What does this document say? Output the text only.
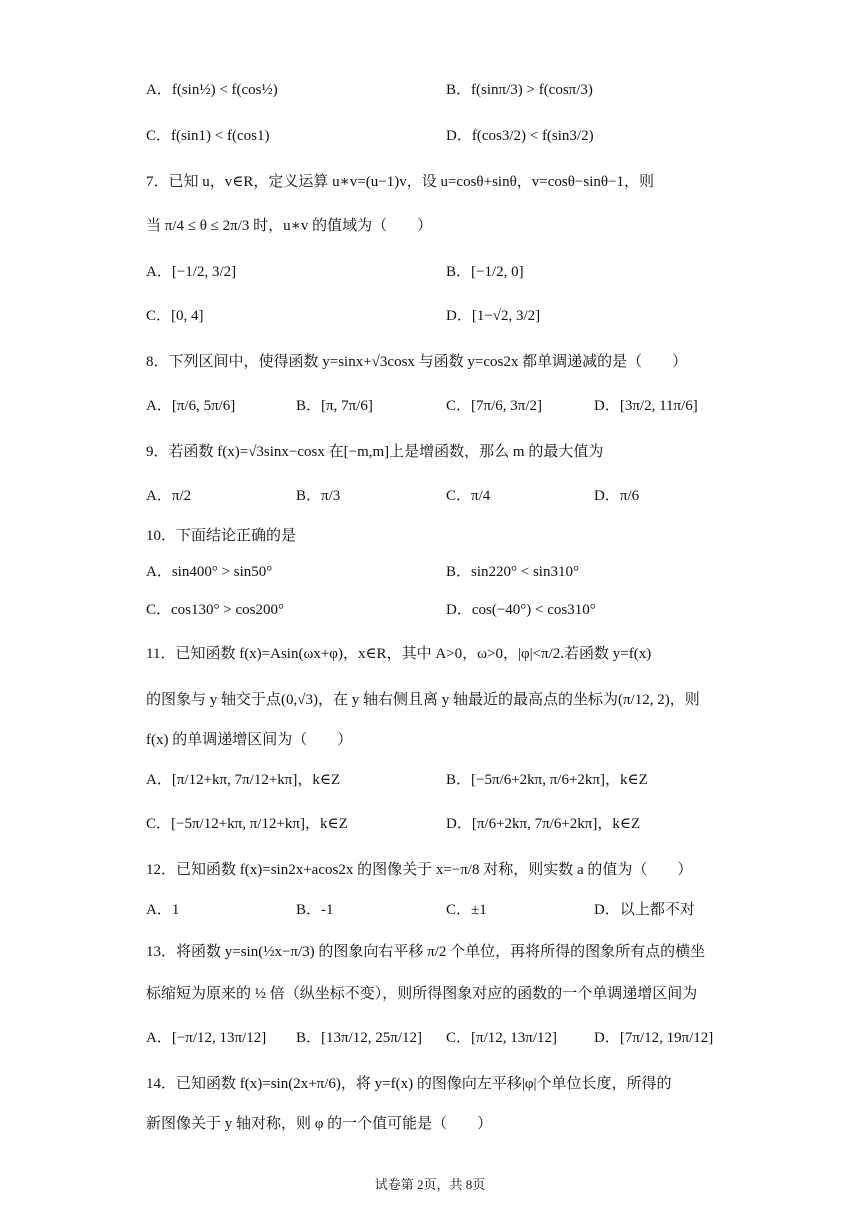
A．f(sin½) < f(cos½)	B．f(sinπ/3) > f(cosπ/3)
C．f(sin1) < f(cos1)	D．f(cos3/2) < f(sin3/2)
7．已知 u，v∈R，定义运算 u∗v=(u−1)v，设 u=cosθ+sinθ，v=cosθ−sinθ−1，则
当 π/4 ≤ θ ≤ 2π/3 时，u∗v 的值域为（　　）
A．[−1/2, 3/2]	B．[−1/2, 0]
C．[0, 4]	D．[1−√2, 3/2]
8．下列区间中，使得函数 y=sinx+√3cosx 与函数 y=cos2x 都单调递减的是（　　）
A．[π/6, 5π/6]	B．[π, 7π/6]	C．[7π/6, 3π/2]	D．[3π/2, 11π/6]
9．若函数 f(x)=√3sinx−cosx 在[−m,m]上是增函数，那么 m 的最大值为
A．π/2	B．π/3	C．π/4	D．π/6
10．下面结论正确的是
A．sin400° > sin50°	B．sin220° < sin310°
C．cos130° > cos200°	D．cos(−40°) < cos310°
11．已知函数 f(x)=Asin(ωx+φ)，x∈R，其中 A>0，ω>0，|φ|<π/2.若函数 y=f(x)
的图象与 y 轴交于点(0,√3)，在 y 轴右侧且离 y 轴最近的最高点的坐标为(π/12, 2)，则
f(x) 的单调递增区间为（　　）
A．[π/12+kπ, 7π/12+kπ]，k∈Z	B．[−5π/6+2kπ, π/6+2kπ]，k∈Z
C．[−5π/12+kπ, π/12+kπ]，k∈Z	D．[π/6+2kπ, 7π/6+2kπ]，k∈Z
12．已知函数 f(x)=sin2x+acos2x 的图像关于 x=−π/8 对称，则实数 a 的值为（　　）
A．1	B．-1	C．±1	D．以上都不对
13．将函数 y=sin(½x−π/3) 的图象向右平移 π/2 个单位，再将所得的图象所有点的横坐
标缩短为原来的 ½ 倍（纵坐标不变），则所得图象对应的函数的一个单调递增区间为
A．[−π/12, 13π/12] B．[13π/12, 25π/12] C．[π/12, 13π/12] D．[7π/12, 19π/12]
14．已知函数 f(x)=sin(2x+π/6)，将 y=f(x) 的图像向左平移|φ|个单位长度，所得的
新图像关于 y 轴对称，则 φ 的一个值可能是（　　）
试卷第 2页，共 8页
